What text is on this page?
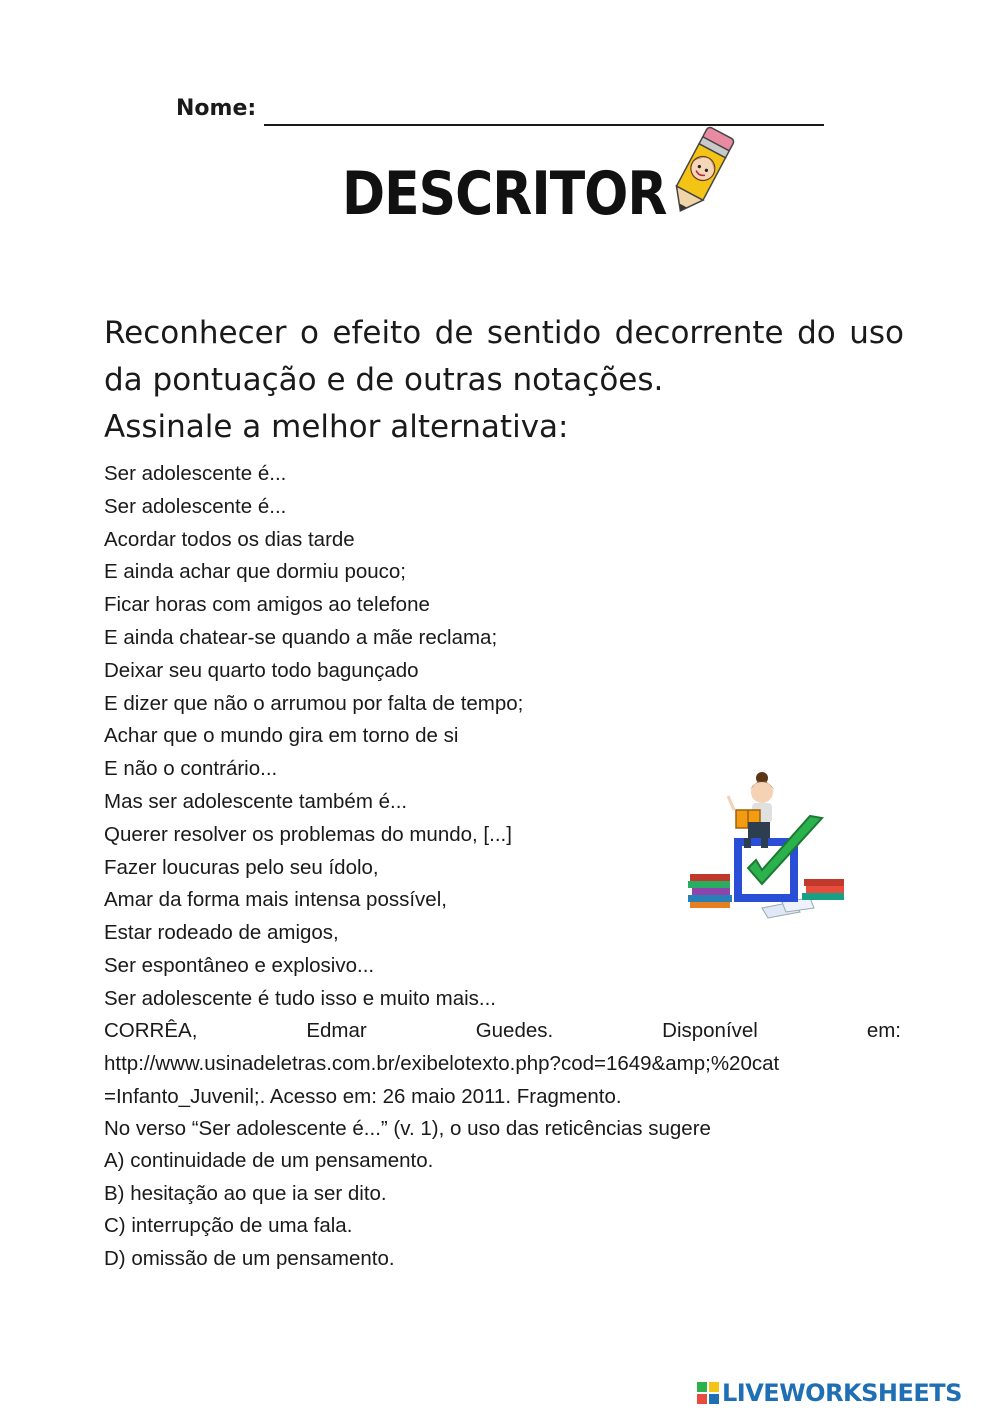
Nome:
DESCRITOR
Reconhecer o efeito de sentido decorrente do uso
da pontuação e de outras notações.
Assinale a melhor alternativa:
Ser adolescente é...
Ser adolescente é...
Acordar todos os dias tarde
E ainda achar que dormiu pouco;
Ficar horas com amigos ao telefone
E ainda chatear-se quando a mãe reclama;
Deixar seu quarto todo bagunçado
E dizer que não o arrumou por falta de tempo;
Achar que o mundo gira em torno de si
E não o contrário...
Mas ser adolescente também é...
Querer resolver os problemas do mundo, [...]
Fazer loucuras pelo seu ídolo,
Amar da forma mais intensa possível,
Estar rodeado de amigos,
Ser espontâneo e explosivo...
Ser adolescente é tudo isso e muito mais...
CORRÊA, Edmar Guedes. Disponível em:
http://www.usinadeletras.com.br/exibelotexto.php?cod=1649&amp;%20cat
=Infanto_Juvenil;. Acesso em: 26 maio 2011. Fragmento.
No verso “Ser adolescente é...” (v. 1), o uso das reticências sugere
A) continuidade de um pensamento.
B) hesitação ao que ia ser dito.
C) interrupção de uma fala.
D) omissão de um pensamento.
LIVEWORKSHEETS
